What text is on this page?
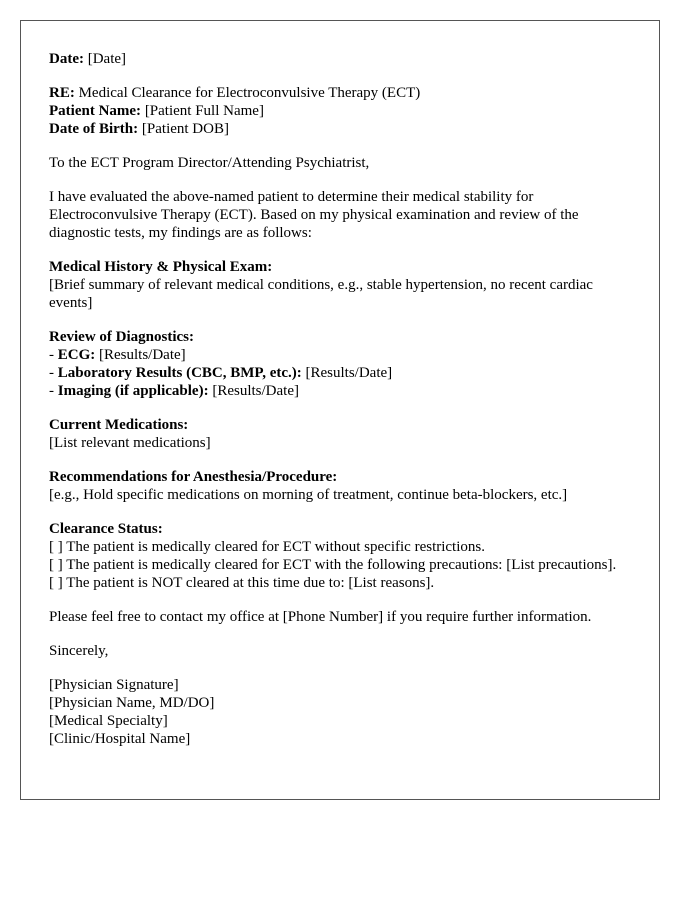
Date: [Date]
RE: Medical Clearance for Electroconvulsive Therapy (ECT)
Patient Name: [Patient Full Name]
Date of Birth: [Patient DOB]
To the ECT Program Director/Attending Psychiatrist,
I have evaluated the above-named patient to determine their medical stability for Electroconvulsive Therapy (ECT). Based on my physical examination and review of the diagnostic tests, my findings are as follows:
Medical History & Physical Exam:
[Brief summary of relevant medical conditions, e.g., stable hypertension, no recent cardiac events]
Review of Diagnostics:
- ECG: [Results/Date]
- Laboratory Results (CBC, BMP, etc.): [Results/Date]
- Imaging (if applicable): [Results/Date]
Current Medications:
[List relevant medications]
Recommendations for Anesthesia/Procedure:
[e.g., Hold specific medications on morning of treatment, continue beta-blockers, etc.]
Clearance Status:
[ ] The patient is medically cleared for ECT without specific restrictions.
[ ] The patient is medically cleared for ECT with the following precautions: [List precautions].
[ ] The patient is NOT cleared at this time due to: [List reasons].
Please feel free to contact my office at [Phone Number] if you require further information.
Sincerely,
[Physician Signature]
[Physician Name, MD/DO]
[Medical Specialty]
[Clinic/Hospital Name]
